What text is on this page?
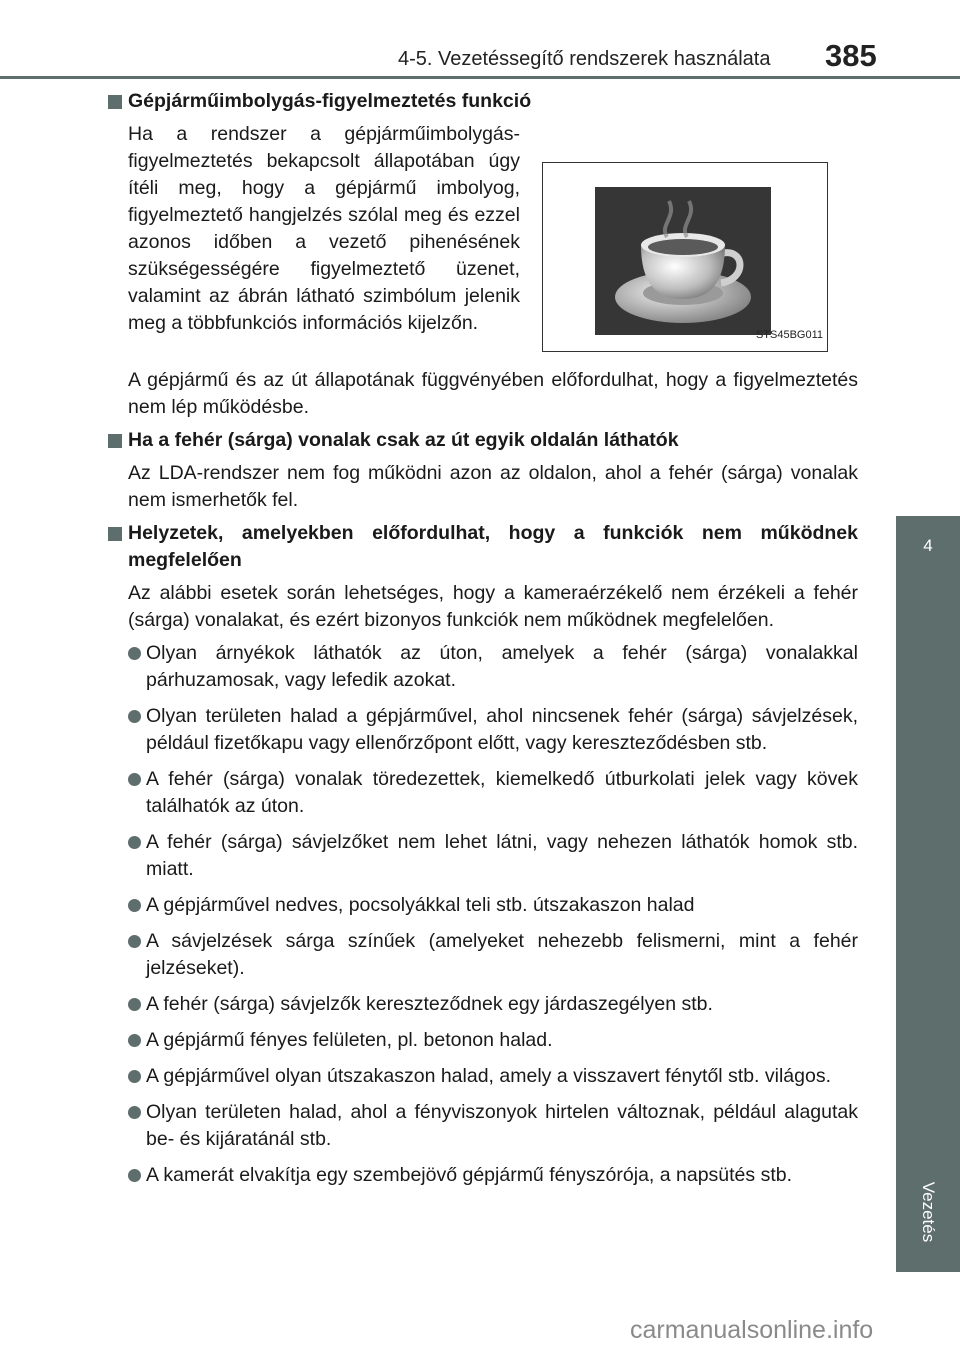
4-5. Vezetéssegítő rendszerek használata 385
4
Vezetés
Gépjárműimbolygás-figyelmeztetés funkció
Ha a rendszer a gépjárműimbolygás-figyelmeztetés bekapcsolt állapotában úgy ítéli meg, hogy a gépjármű imbolyog, figyelmeztető hangjelzés szólal meg és ezzel azonos időben a vezető pihenésének szükségességére figyelmeztető üzenet, valamint az ábrán látható szimbólum jelenik meg a többfunkciós információs kijelzőn.
STS45BG011
A gépjármű és az út állapotának függvényében előfordulhat, hogy a figyelmeztetés nem lép működésbe.
Ha a fehér (sárga) vonalak csak az út egyik oldalán láthatók
Az LDA-rendszer nem fog működni azon az oldalon, ahol a fehér (sárga) vonalak nem ismerhetők fel.
Helyzetek, amelyekben előfordulhat, hogy a funkciók nem működnek megfelelően
Az alábbi esetek során lehetséges, hogy a kameraérzékelő nem érzékeli a fehér (sárga) vonalakat, és ezért bizonyos funkciók nem működnek megfelelően.
Olyan árnyékok láthatók az úton, amelyek a fehér (sárga) vonalakkal párhuzamosak, vagy lefedik azokat.
Olyan területen halad a gépjárművel, ahol nincsenek fehér (sárga) sávjelzések, például fizetőkapu vagy ellenőrzőpont előtt, vagy kereszteződésben stb.
A fehér (sárga) vonalak töredezettek, kiemelkedő útburkolati jelek vagy kövek találhatók az úton.
A fehér (sárga) sávjelzőket nem lehet látni, vagy nehezen láthatók homok stb. miatt.
A gépjárművel nedves, pocsolyákkal teli stb. útszakaszon halad
A sávjelzések sárga színűek (amelyeket nehezebb felismerni, mint a fehér jelzéseket).
A fehér (sárga) sávjelzők kereszteződnek egy járdaszegélyen stb.
A gépjármű fényes felületen, pl. betonon halad.
A gépjárművel olyan útszakaszon halad, amely a visszavert fénytől stb. világos.
Olyan területen halad, ahol a fényviszonyok hirtelen változnak, például alagutak be- és kijáratánál stb.
A kamerát elvakítja egy szembejövő gépjármű fényszórója, a napsütés stb.
carmanualsonline.info
